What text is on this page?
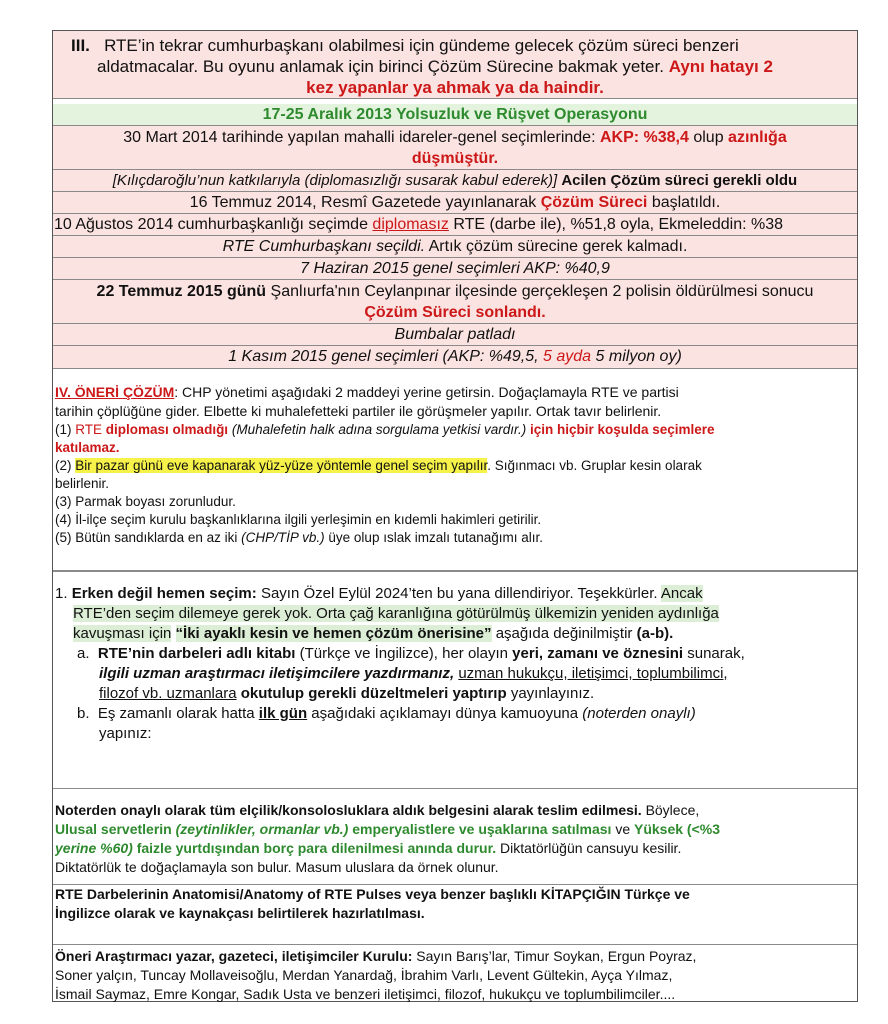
III. RTE’in tekrar cumhurbaşkanı olabilmesi için gündeme gelecek çözüm süreci benzeri
aldatmacalar. Bu oyunu anlamak için birinci Çözüm Sürecine bakmak yeter. Aynı hatayı 2
kez yapanlar ya ahmak ya da haindir.
17-25 Aralık 2013 Yolsuzluk ve Rüşvet Operasyonu
30 Mart 2014 tarihinde yapılan mahalli idareler-genel seçimlerinde: AKP: %38,4 olup azınlığa
düşmüştür.
[Kılıçdaroğlu’nun katkılarıyla (diplomasızlığı susarak kabul ederek)] Acilen Çözüm süreci gerekli oldu
16 Temmuz 2014, Resmî Gazetede yayınlanarak Çözüm Süreci başlatıldı.
10 Ağustos 2014 cumhurbaşkanlığı seçimde diplomasız RTE (darbe ile), %51,8 oyla, Ekmeleddin: %38
RTE Cumhurbaşkanı seçildi. Artık çözüm sürecine gerek kalmadı.
7 Haziran 2015 genel seçimleri AKP: %40,9
22 Temmuz 2015 günü Şanlıurfa'nın Ceylanpınar ilçesinde gerçekleşen 2 polisin öldürülmesi sonucu
Çözüm Süreci sonlandı.
Bumbalar patladı
1 Kasım 2015 genel seçimleri (AKP: %49,5, 5 ayda 5 milyon oy)
IV. ÖNERİ ÇÖZÜM: CHP yönetimi aşağıdaki 2 maddeyi yerine getirsin. Doğaçlamayla RTE ve partisi
tarihin çöplüğüne gider. Elbette ki muhalefetteki partiler ile görüşmeler yapılır. Ortak tavır belirlenir.
(1) RTE diploması olmadığı (Muhalefetin halk adına sorgulama yetkisi vardır.) için hiçbir koşulda seçimlere
katılamaz.
(2) Bir pazar günü eve kapanarak yüz-yüze yöntemle genel seçim yapılır. Sığınmacı vb. Gruplar kesin olarak
belirlenir.
(3) Parmak boyası zorunludur.
(4) İl-ilçe seçim kurulu başkanlıklarına ilgili yerleşimin en kıdemli hakimleri getirilir.
(5) Bütün sandıklarda en az iki (CHP/TİP vb.) üye olup ıslak imzalı tutanağımı alır.
1. Erken değil hemen seçim: Sayın Özel Eylül 2024’ten bu yana dillendiriyor. Teşekkürler. Ancak
RTE’den seçim dilemeye gerek yok. Orta çağ karanlığına götürülmüş ülkemizin yeniden aydınlığa
kavuşması için “İki ayaklı kesin ve hemen çözüm önerisine” aşağıda değinilmiştir (a-b).
a. RTE’nin darbeleri adlı kitabı (Türkçe ve İngilizce), her olayın yeri, zamanı ve öznesini sunarak,
ilgili uzman araştırmacı iletişimcilere yazdırmanız, uzman hukukçu, iletişimci, toplumbilimci,
filozof vb. uzmanlara okutulup gerekli düzeltmeleri yaptırıp yayınlayınız.
b. Eş zamanlı olarak hatta ilk gün aşağıdaki açıklamayı dünya kamuoyuna (noterden onaylı)
yapınız:
Noterden onaylı olarak tüm elçilik/konsolosluklara aldık belgesini alarak teslim edilmesi. Böylece,
Ulusal servetlerin (zeytinlikler, ormanlar vb.) emperyalistlere ve uşaklarına satılması ve Yüksek (<%3
yerine %60) faizle yurtdışından borç para dilenilmesi anında durur. Diktatörlüğün cansuyu kesilir.
Diktatörlük te doğaçlamayla son bulur. Masum uluslara da örnek olunur.
RTE Darbelerinin Anatomisi/Anatomy of RTE Pulses veya benzer başlıklı KİTAPÇIĞIN Türkçe ve
İngilizce olarak ve kaynakçası belirtilerek hazırlatılması.
Öneri Araştırmacı yazar, gazeteci, iletişimciler Kurulu: Sayın Barış’lar, Timur Soykan, Ergun Poyraz,
Soner yalçın, Tuncay Mollaveisoğlu, Merdan Yanardağ, İbrahim Varlı, Levent Gültekin, Ayça Yılmaz,
İsmail Saymaz, Emre Kongar, Sadık Usta ve benzeri iletişimci, filozof, hukukçu ve toplumbilimciler....
